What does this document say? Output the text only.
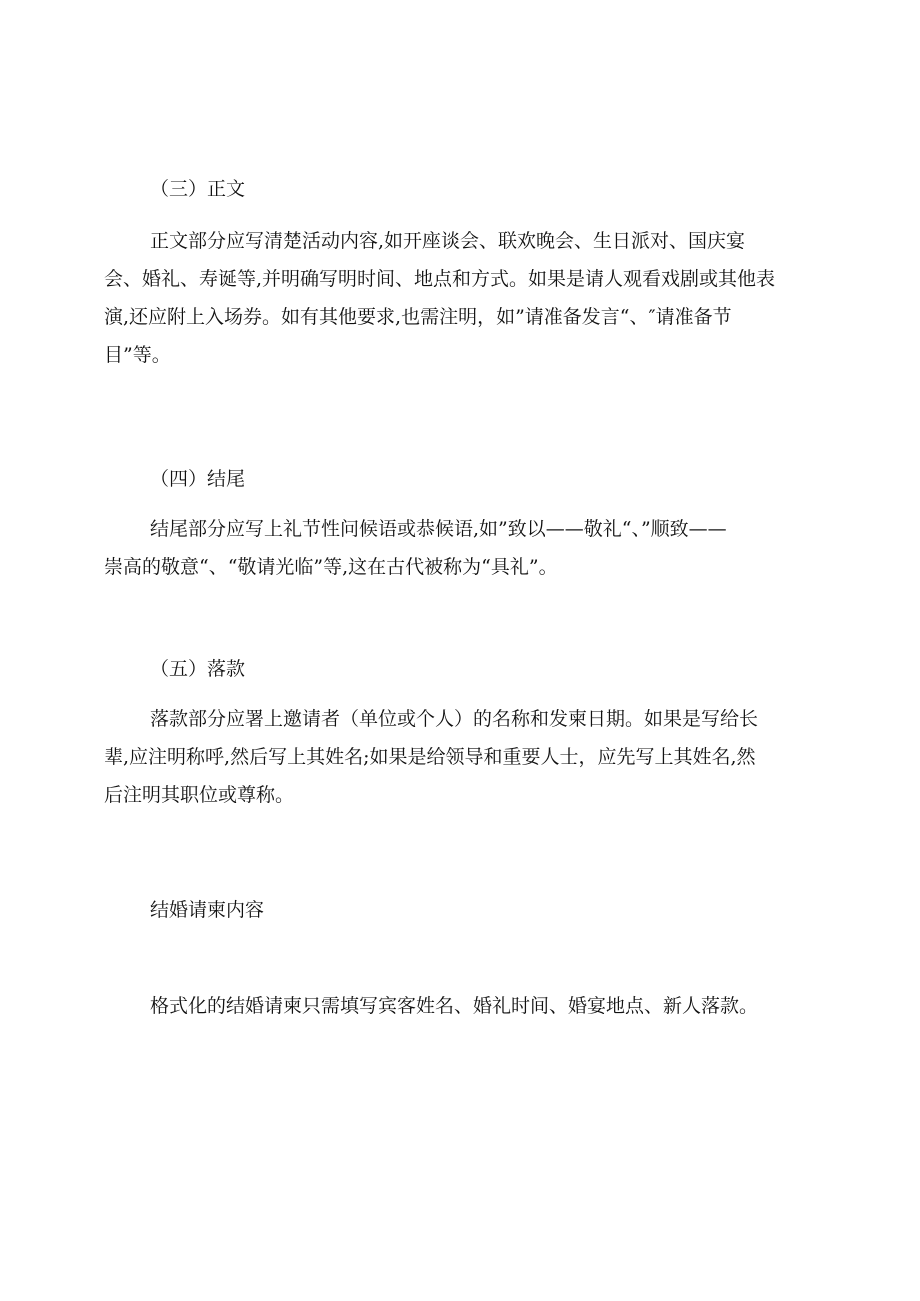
（三）正文
正文部分应写清楚活动内容,如开座谈会、联欢晚会、生日派对、国庆宴
会、婚礼、寿诞等,并明确写明时间、地点和方式。如果是请人观看戏剧或其他表
演,还应附上入场券。如有其他要求,也需注明，如”请准备发言“、″请准备节
目”等。
（四）结尾
结尾部分应写上礼节性问候语或恭候语,如”致以——敬礼“、”顺致——
崇高的敬意“、“敬请光临”等,这在古代被称为“具礼”。
（五）落款
落款部分应署上邀请者（单位或个人）的名称和发柬日期。如果是写给长
辈,应注明称呼,然后写上其姓名;如果是给领导和重要人士，应先写上其姓名,然
后注明其职位或尊称。
结婚请柬内容
格式化的结婚请柬只需填写宾客姓名、婚礼时间、婚宴地点、新人落款。
